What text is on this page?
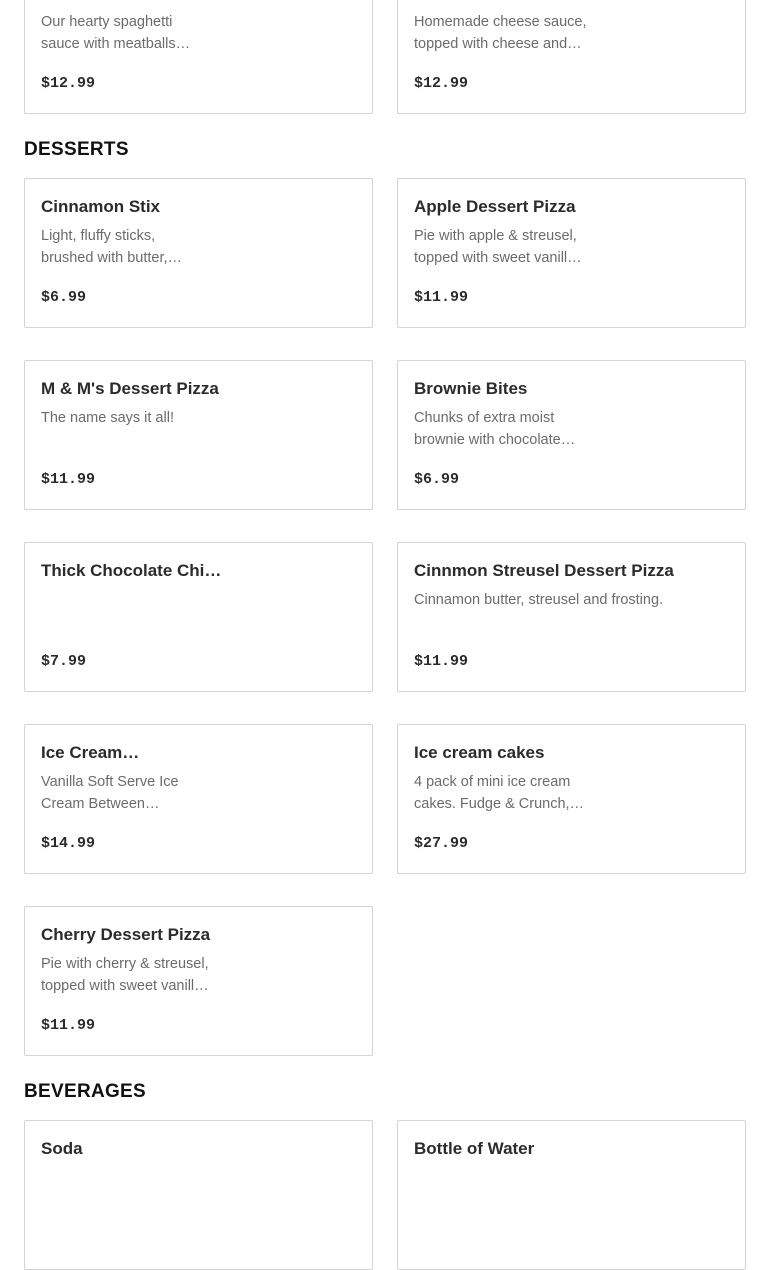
Our hearty spaghetti
sauce with meatballs…
$12.99
Homemade cheese sauce,
topped with cheese and…
$12.99
DESSERTS
Cinnamon Stix
Light, fluffy sticks,
brushed with butter,…
$6.99
Apple Dessert Pizza
Pie with apple & streusel,
topped with sweet vanill…
$11.99
M & M's Dessert Pizza
The name says it all!
$11.99
Brownie Bites
Chunks of extra moist
brownie with chocolate…
$6.99
Thick Chocolate Chi…
$7.99
Cinnmon Streusel Dessert Pizza
Cinnamon butter, streusel and frosting.
$11.99
Ice Cream…
Vanilla Soft Serve Ice
Cream Between…
$14.99
Ice cream cakes
4 pack of mini ice cream
cakes. Fudge & Crunch,…
$27.99
Cherry Dessert Pizza
Pie with cherry & streusel,
topped with sweet vanill…
$11.99
BEVERAGES
Soda	Bottle of Water
